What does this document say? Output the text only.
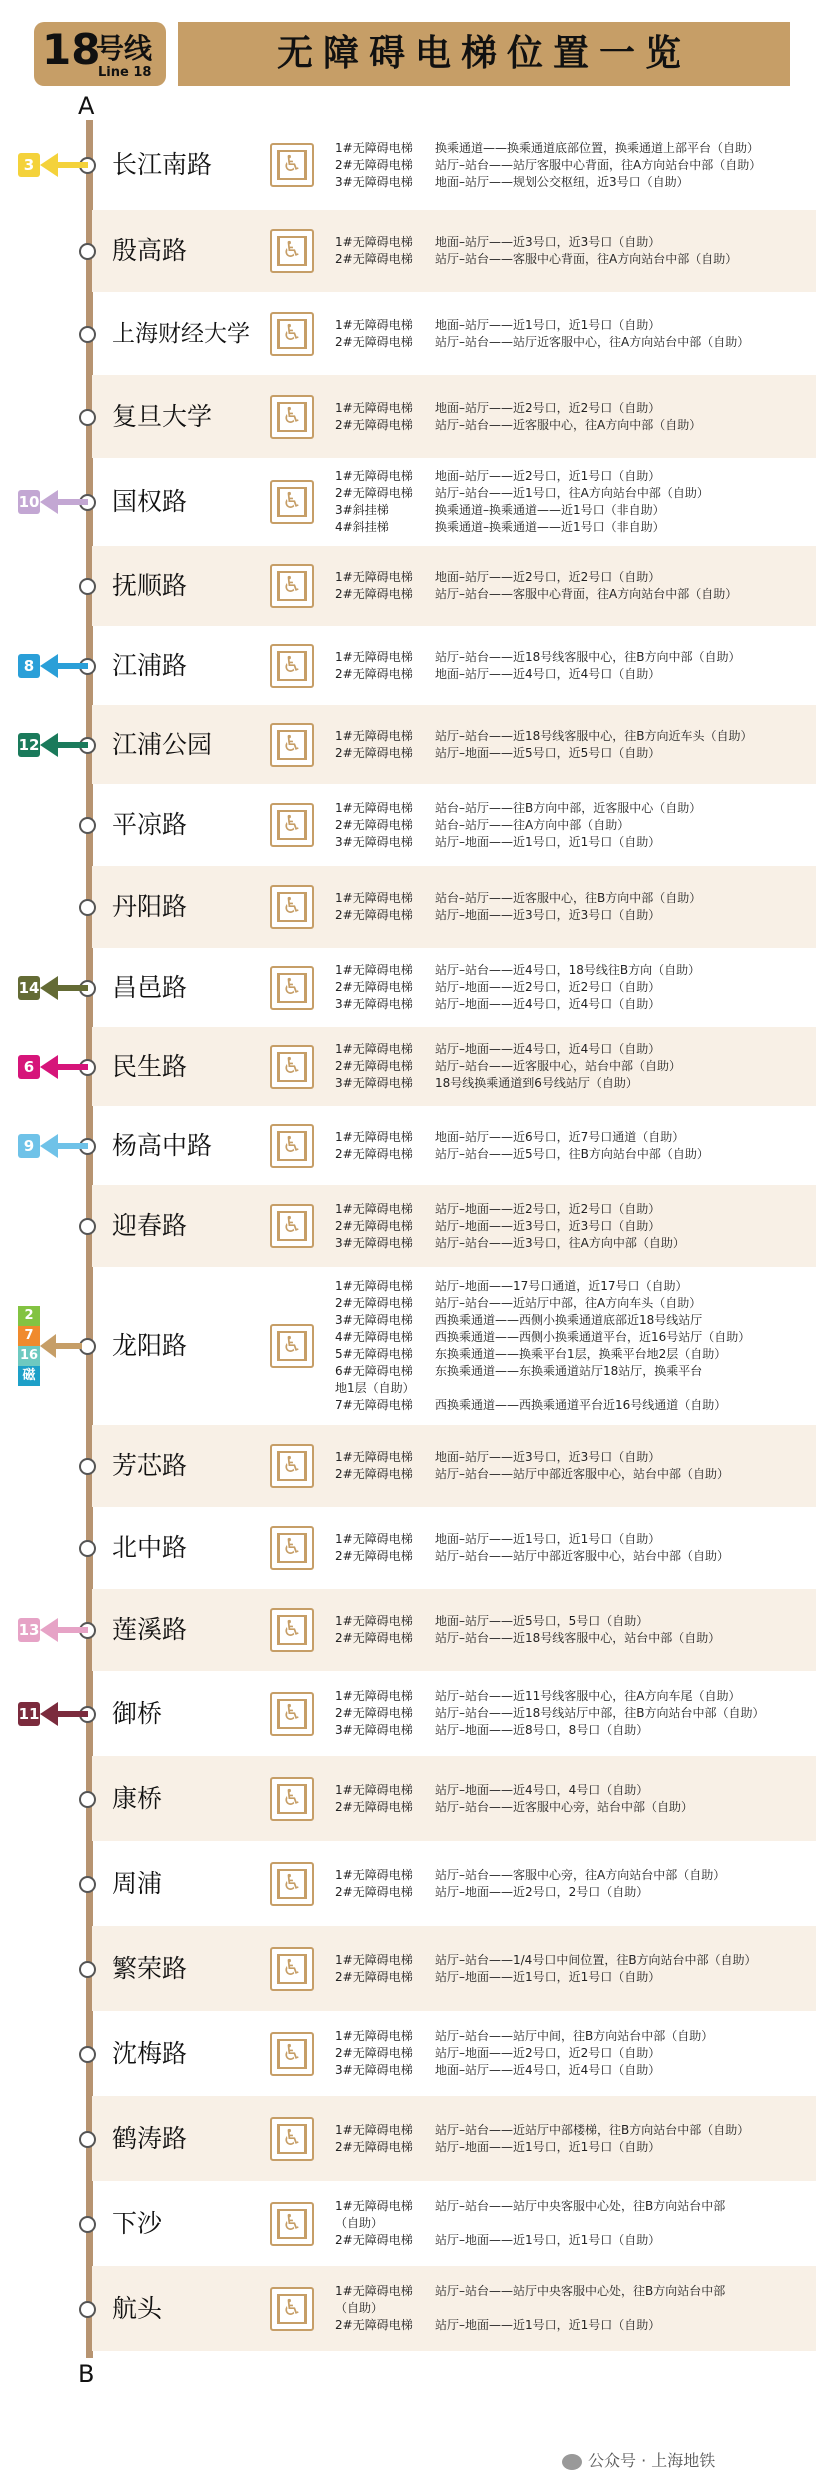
18
号线
Line 18	无障碍电梯位置一览
A
B
长江南路	♿
1#无障碍电梯 换乘通道——换乘通道底部位置，换乘通道上部平台（自助）
2#无障碍电梯 站厅–站台——站厅客服中心背面，往A方向站台中部（自助）
3#无障碍电梯 地面–站厅——规划公交枢纽，近3号口（自助）
殷高路	♿	1#无障碍电梯 地面–站厅——近3号口，近3号口（自助）
2#无障碍电梯 站厅–站台——客服中心背面，往A方向站台中部（自助）
上海财经大学 ♿	1#无障碍电梯 地面–站厅——近1号口，近1号口（自助）
2#无障碍电梯 站厅–站台——站厅近客服中心，往A方向站台中部（自助）
复旦大学	♿	1#无障碍电梯 地面–站厅——近2号口，近2号口（自助）
2#无障碍电梯 站厅–站台——近客服中心，往A方向中部（自助）
国权路	♿
1#无障碍电梯 地面–站厅——近2号口，近1号口（自助）
2#无障碍电梯 站厅–站台——近1号口，往A方向站台中部（自助）
3#斜挂梯	换乘通道–换乘通道——近1号口（非自助）
4#斜挂梯	换乘通道–换乘通道——近1号口（非自助）
抚顺路	♿	1#无障碍电梯 地面–站厅——近2号口，近2号口（自助）
2#无障碍电梯 站厅–站台——客服中心背面，往A方向站台中部（自助）
江浦路	♿	1#无障碍电梯 站厅–站台——近18号线客服中心，往B方向中部（自助）
2#无障碍电梯 地面–站厅——近4号口，近4号口（自助）
江浦公园	♿	1#无障碍电梯 站厅–站台——近18号线客服中心，往B方向近车头（自助）
2#无障碍电梯 站厅–地面——近5号口，近5号口（自助）
平凉路	♿
1#无障碍电梯 站台–站厅——往B方向中部，近客服中心（自助）
2#无障碍电梯 站台–站厅——往A方向中部（自助）
3#无障碍电梯 站厅–地面——近1号口，近1号口（自助）
丹阳路	♿	1#无障碍电梯 站台–站厅——近客服中心，往B方向中部（自助）
2#无障碍电梯 站厅–地面——近3号口，近3号口（自助）
昌邑路	♿
1#无障碍电梯 站厅–站台——近4号口，18号线往B方向（自助）
2#无障碍电梯 站厅–地面——近2号口，近2号口（自助）
3#无障碍电梯 站厅–地面——近4号口，近4号口（自助）
民生路	♿
1#无障碍电梯 站厅–地面——近4号口，近4号口（自助）
2#无障碍电梯 站厅–站台——近客服中心，站台中部（自助）
3#无障碍电梯 18号线换乘通道到6号线站厅（自助）
杨高中路	♿	1#无障碍电梯 地面–站厅——近6号口，近7号口通道（自助）
2#无障碍电梯 站厅–站台——近5号口，往B方向站台中部（自助）
迎春路	♿
1#无障碍电梯 站厅–地面——近2号口，近2号口（自助）
2#无障碍电梯 站厅–地面——近3号口，近3号口（自助）
3#无障碍电梯 站厅–站台——近3号口，往A方向中部（自助）
龙阳路	♿
1#无障碍电梯 站厅–地面——17号口通道，近17号口（自助）
2#无障碍电梯 站厅–站台——近站厅中部，往A方向车头（自助）
3#无障碍电梯 西换乘通道——西侧小换乘通道底部近18号线站厅
4#无障碍电梯 西换乘通道——西侧小换乘通道平台，近16号站厅（自助）
5#无障碍电梯 东换乘通道——换乘平台1层，换乘平台地2层（自助）
6#无障碍电梯 东换乘通道——东换乘通道站厅18站厅，换乘平台
地1层（自助）
7#无障碍电梯 西换乘通道——西换乘通道平台近16号线通道（自助）
芳芯路	♿	1#无障碍电梯 地面–站厅——近3号口，近3号口（自助）
2#无障碍电梯 站厅–站台——站厅中部近客服中心，站台中部（自助）
北中路	♿	1#无障碍电梯 地面–站厅——近1号口，近1号口（自助）
2#无障碍电梯 站厅–站台——站厅中部近客服中心，站台中部（自助）
莲溪路	♿	1#无障碍电梯 地面–站厅——近5号口，5号口（自助）
2#无障碍电梯 站厅–站台——近18号线客服中心，站台中部（自助）
御桥	♿
1#无障碍电梯 站厅–站台——近11号线客服中心，往A方向车尾（自助）
2#无障碍电梯 站厅–站台——近18号线站厅中部，往B方向站台中部（自助）
3#无障碍电梯 站厅–地面——近8号口，8号口（自助）
康桥	♿	1#无障碍电梯 站厅–地面——近4号口，4号口（自助）
2#无障碍电梯 站厅–站台——近客服中心旁，站台中部（自助）
周浦	♿	1#无障碍电梯 站厅–站台——客服中心旁，往A方向站台中部（自助）
2#无障碍电梯 站厅–地面——近2号口，2号口（自助）
繁荣路	♿	1#无障碍电梯 站厅–站台——1/4号口中间位置，往B方向站台中部（自助）
2#无障碍电梯 站厅–地面——近1号口，近1号口（自助）
沈梅路	♿
1#无障碍电梯 站厅–站台——站厅中间，往B方向站台中部（自助）
2#无障碍电梯 站厅–地面——近2号口，近2号口（自助）
3#无障碍电梯 地面–站厅——近4号口，近4号口（自助）
鹤涛路	♿	1#无障碍电梯 站厅–站台——近站厅中部楼梯，往B方向站台中部（自助）
2#无障碍电梯 站厅–地面——近1号口，近1号口（自助）
下沙	♿
1#无障碍电梯 站厅–站台——站厅中央客服中心处，往B方向站台中部
（自助）
2#无障碍电梯 站厅–地面——近1号口，近1号口（自助）
航头	♿
1#无障碍电梯 站厅–站台——站厅中央客服中心处，往B方向站台中部
（自助）
2#无障碍电梯 站厅–地面——近1号口，近1号口（自助）
3
10
8
12
14
6
9
13
11
2
7
16
磁浮
公众号 · 上海地铁
